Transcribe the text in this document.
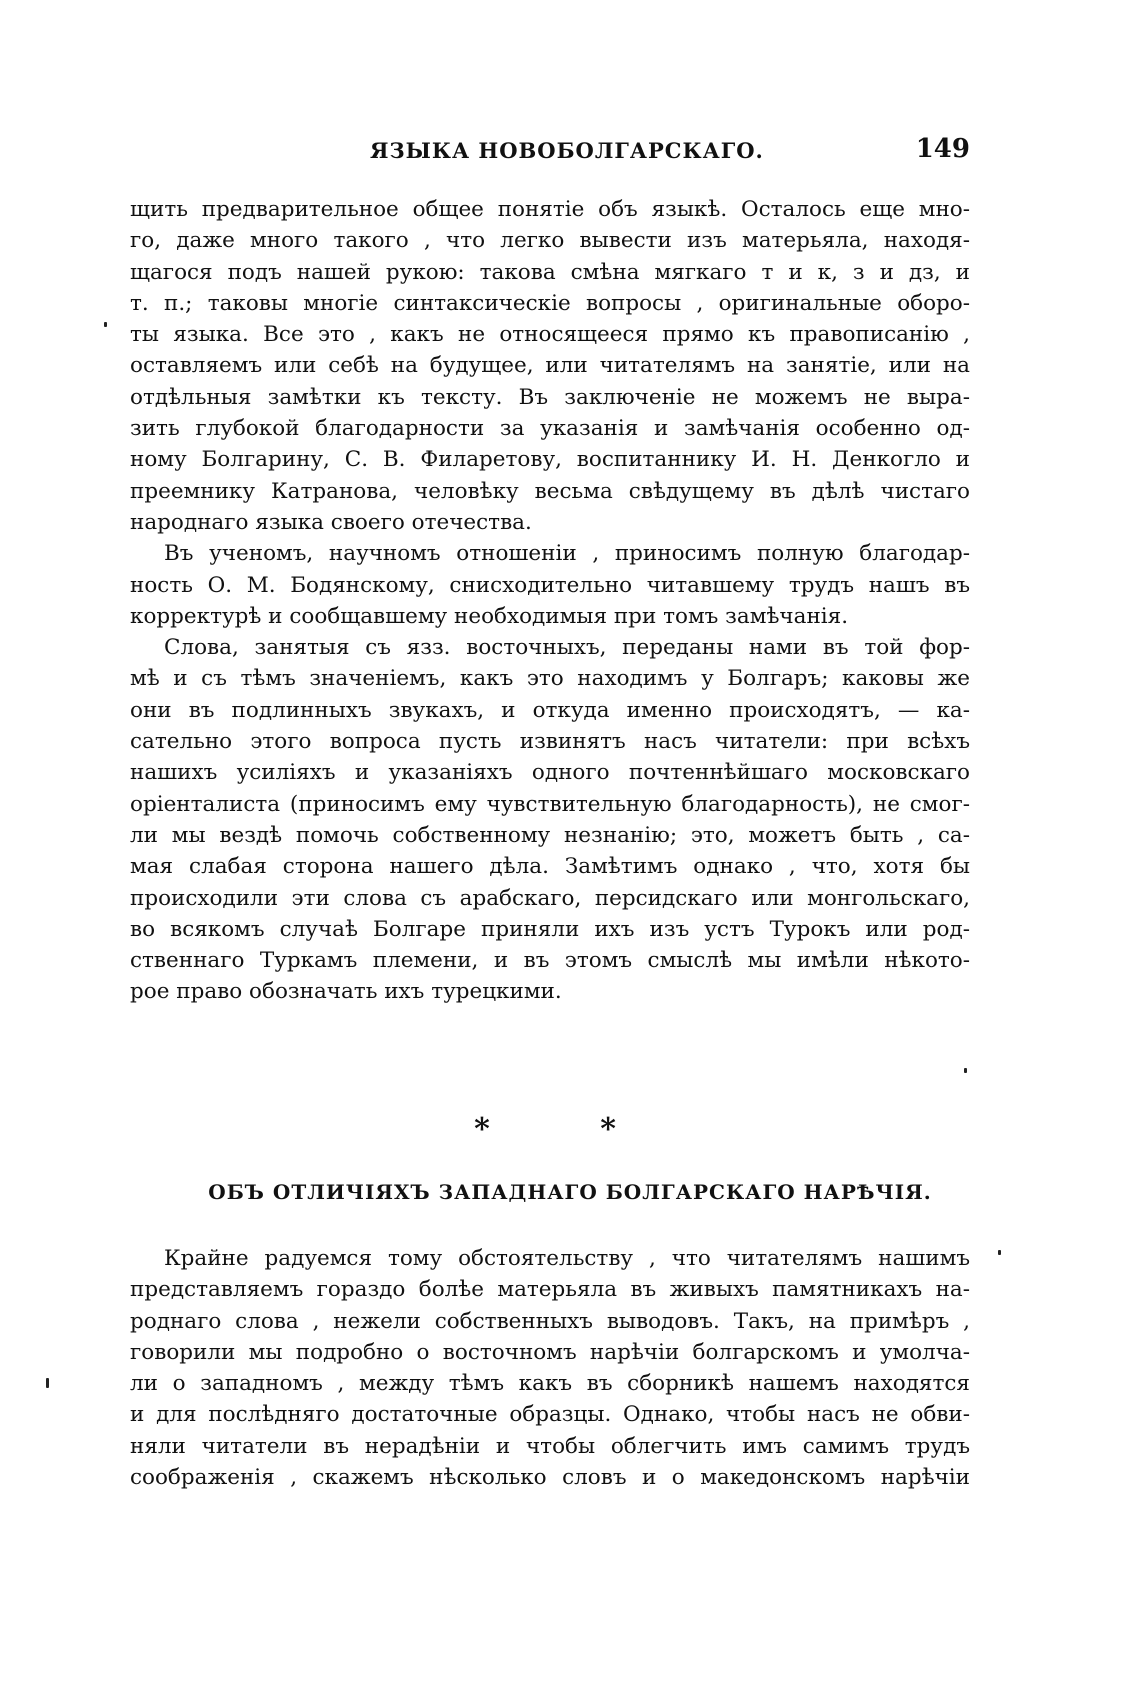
ЯЗЫКА НОВОБОЛГАРСКАГО.	149
щить предварительное общее понятіе объ языкѣ. Осталось еще мно-
го, даже много такого , что легко вывести изъ матерьяла, находя-
щагося подъ нашей рукою: такова смѣна мягкаго т и к, з и дз, и
т. п.; таковы многіе синтаксическіе вопросы , оригинальные оборо-
ты языка. Все это , какъ не относящееся прямо къ правописанію ,
оставляемъ или себѣ на будущее, или читателямъ на занятіе, или на
отдѣльныя замѣтки къ тексту. Въ заключеніе не можемъ не выра-
зить глубокой благодарности за указанія и замѣчанія особенно од-
ному Болгарину, С. В. Филаретову, воспитаннику И. Н. Денкогло и
преемнику Катранова, человѣку весьма свѣдущему въ дѣлѣ чистаго
народнаго языка своего отечества.
Въ ученомъ, научномъ отношеніи , приносимъ полную благодар-
ность О. М. Бодянскому, снисходительно читавшему трудъ нашъ въ
корректурѣ и сообщавшему необходимыя при томъ замѣчанія.
Слова, занятыя съ язз. восточныхъ, переданы нами въ той фор-
мѣ и съ тѣмъ значеніемъ, какъ это находимъ у Болгаръ; каковы же
они въ подлинныхъ звукахъ, и откуда именно происходятъ, — ка-
сательно этого вопроса пусть извинятъ насъ читатели: при всѣхъ
нашихъ усиліяхъ и указаніяхъ одного почтеннѣйшаго московскаго
оріенталиста (приносимъ ему чувствительную благодарность), не смог-
ли мы вездѣ помочь собственному незнанію; это, можетъ быть , са-
мая слабая сторона нашего дѣла. Замѣтимъ однако , что, хотя бы
происходили эти слова съ арабскаго, персидскаго или монгольскаго,
во всякомъ случаѣ Болгаре приняли ихъ изъ устъ Турокъ или род-
ственнаго Туркамъ племени, и въ этомъ смыслѣ мы имѣли нѣкото-
рое право обозначать ихъ турецкими.
* *
ОБЪ ОТЛИЧІЯХЪ ЗАПАДНАГО БОЛГАРСКАГО НАРѢЧІЯ.
Крайне радуемся тому обстоятельству , что читателямъ нашимъ
представляемъ гораздо болѣе матерьяла въ живыхъ памятникахъ на-
роднаго слова , нежели собственныхъ выводовъ. Такъ, на примѣръ ,
говорили мы подробно о восточномъ нарѣчіи болгарскомъ и умолча-
ли о западномъ , между тѣмъ какъ въ сборникѣ нашемъ находятся
и для послѣдняго достаточные образцы. Однако, чтобы насъ не обви-
няли читатели въ нерадѣніи и чтобы облегчить имъ самимъ трудъ
соображенія , скажемъ нѣсколько словъ и о македонскомъ нарѣчіи
